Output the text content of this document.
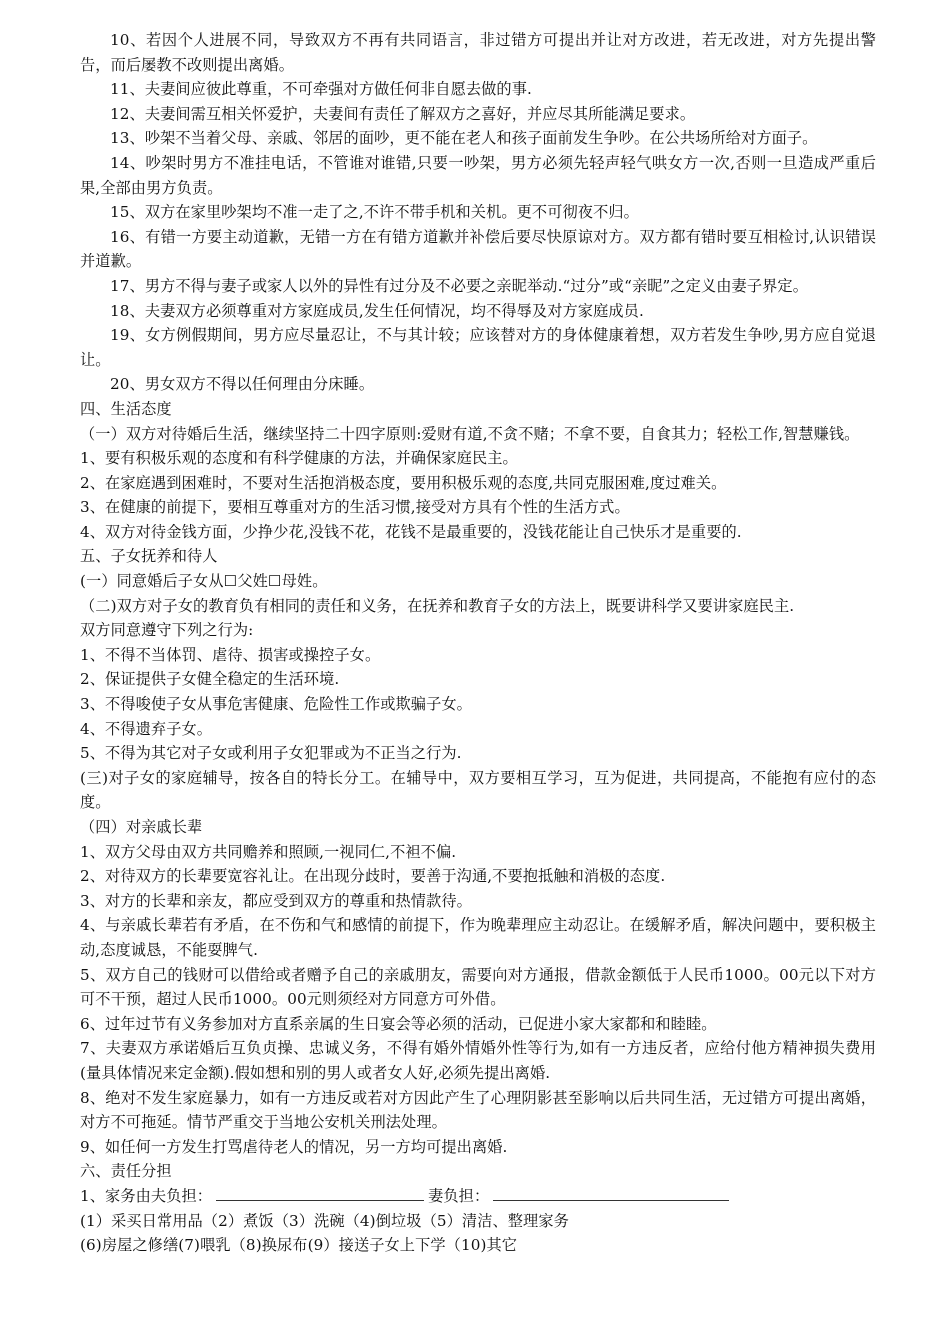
10、若因个人进展不同，导致双方不再有共同语言，非过错方可提出并让对方改进，若无改进，对方先提出警告，而后屡教不改则提出离婚。

11、夫妻间应彼此尊重，不可牵强对方做任何非自愿去做的事.

12、夫妻间需互相关怀爱护，夫妻间有责任了解双方之喜好，并应尽其所能满足要求。

13、吵架不当着父母、亲戚、邻居的面吵，更不能在老人和孩子面前发生争吵。在公共场所给对方面子。

14、吵架时男方不准挂电话，不管谁对谁错,只要一吵架，男方必须先轻声轻气哄女方一次,否则一旦造成严重后果,全部由男方负责。

15、双方在家里吵架均不准一走了之,不许不带手机和关机。更不可彻夜不归。

16、有错一方要主动道歉，无错一方在有错方道歉并补偿后要尽快原谅对方。双方都有错时要互相检讨,认识错误并道歉。

17、男方不得与妻子或家人以外的异性有过分及不必要之亲昵举动.“过分”或“亲昵”之定义由妻子界定。

18、夫妻双方必须尊重对方家庭成员,发生任何情况，均不得辱及对方家庭成员.

19、女方例假期间，男方应尽量忍让，不与其计较；应该替对方的身体健康着想，双方若发生争吵,男方应自觉退让。

20、男女双方不得以任何理由分床睡。

四、生活态度

（一）双方对待婚后生活，继续坚持二十四字原则:爱财有道,不贪不赌；不拿不要，自食其力；轻松工作,智慧赚钱。

1、要有积极乐观的态度和有科学健康的方法，并确保家庭民主。

2、在家庭遇到困难时，不要对生活抱消极态度，要用积极乐观的态度,共同克服困难,度过难关。

3、在健康的前提下，要相互尊重对方的生活习惯,接受对方具有个性的生活方式。

4、双方对待金钱方面，少挣少花,没钱不花，花钱不是最重要的，没钱花能让自己快乐才是重要的.

五、子女抚养和待人

(一）同意婚后子女从☐父姓☐母姓。

（二)双方对子女的教育负有相同的责任和义务，在抚养和教育子女的方法上，既要讲科学又要讲家庭民主.

双方同意遵守下列之行为:

1、不得不当体罚、虐待、损害或操控子女。

2、保证提供子女健全稳定的生活环境.

3、不得唆使子女从事危害健康、危险性工作或欺骗子女。

4、不得遗弃子女。

5、不得为其它对子女或利用子女犯罪或为不正当之行为.

(三)对子女的家庭辅导，按各自的特长分工。在辅导中，双方要相互学习，互为促进，共同提高，不能抱有应付的态度。

（四）对亲戚长辈

1、双方父母由双方共同赡养和照顾,一视同仁,不袒不偏.

2、对待双方的长辈要宽容礼让。在出现分歧时，要善于沟通,不要抱抵触和消极的态度.

3、对方的长辈和亲友，都应受到双方的尊重和热情款待。

4、与亲戚长辈若有矛盾，在不伤和气和感情的前提下，作为晚辈理应主动忍让。在缓解矛盾，解决问题中，要积极主动,态度诚恳，不能耍脾气.

5、双方自己的钱财可以借给或者赠予自己的亲戚朋友，需要向对方通报，借款金额低于人民币1000。00元以下对方可不干预，超过人民币1000。00元则须经对方同意方可外借。

6、过年过节有义务参加对方直系亲属的生日宴会等必须的活动，已促进小家大家都和和睦睦。

7、夫妻双方承诺婚后互负贞操、忠诚义务，不得有婚外情婚外性等行为,如有一方违反者，应给付他方精神损失费用(量具体情况来定金额).假如想和别的男人或者女人好,必须先提出离婚.

8、绝对不发生家庭暴力，如有一方违反或若对方因此产生了心理阴影甚至影响以后共同生活，无过错方可提出离婚，对方不可拖延。情节严重交于当地公安机关刑法处理。

9、如任何一方发生打骂虐待老人的情况，另一方均可提出离婚.

六、责任分担

1、家务由夫负担：	妻负担：

(1）采买日常用品（2）煮饭（3）洗碗（4)倒垃圾（5）清洁、整理家务

(6)房屋之修缮(7)喂乳（8)换尿布(9）接送子女上下学（10)其它
